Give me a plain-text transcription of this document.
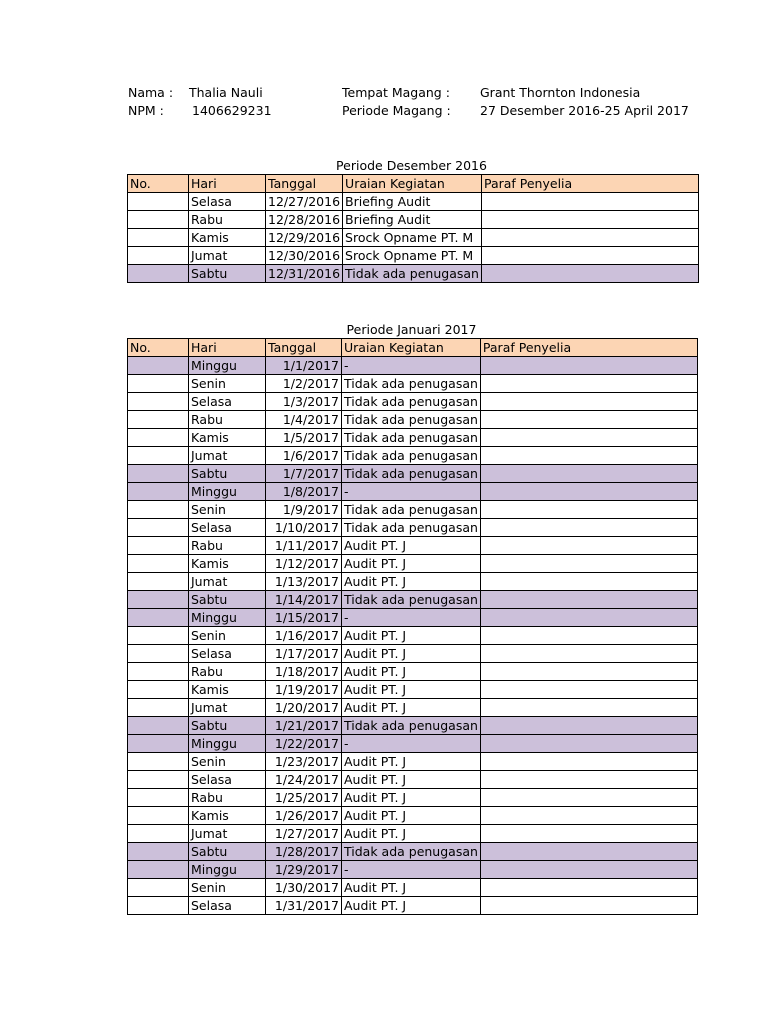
Nama : Thalia Nauli
NPM : 1406629231
Tempat Magang : Grant Thornton Indonesia
Periode Magang : 27 Desember 2016-25 April 2017
Periode Desember 2016
No.	Hari	Tanggal	Uraian Kegiatan	Paraf Penyelia
	Selasa	12/27/2016	Briefing Audit	
	Rabu	12/28/2016	Briefing Audit	
	Kamis	12/29/2016	Srock Opname PT. M	
	Jumat	12/30/2016	Srock Opname PT. M	
	Sabtu	12/31/2016	Tidak ada penugasan	
Periode Januari 2017
No.	Hari	Tanggal	Uraian Kegiatan	Paraf Penyelia
	Minggu	1/1/2017	-	
	Senin	1/2/2017	Tidak ada penugasan	
	Selasa	1/3/2017	Tidak ada penugasan	
	Rabu	1/4/2017	Tidak ada penugasan	
	Kamis	1/5/2017	Tidak ada penugasan	
	Jumat	1/6/2017	Tidak ada penugasan	
	Sabtu	1/7/2017	Tidak ada penugasan	
	Minggu	1/8/2017	-	
	Senin	1/9/2017	Tidak ada penugasan	
	Selasa	1/10/2017	Tidak ada penugasan	
	Rabu	1/11/2017	Audit PT. J	
	Kamis	1/12/2017	Audit PT. J	
	Jumat	1/13/2017	Audit PT. J	
	Sabtu	1/14/2017	Tidak ada penugasan	
	Minggu	1/15/2017	-	
	Senin	1/16/2017	Audit PT. J	
	Selasa	1/17/2017	Audit PT. J	
	Rabu	1/18/2017	Audit PT. J	
	Kamis	1/19/2017	Audit PT. J	
	Jumat	1/20/2017	Audit PT. J	
	Sabtu	1/21/2017	Tidak ada penugasan	
	Minggu	1/22/2017	-	
	Senin	1/23/2017	Audit PT. J	
	Selasa	1/24/2017	Audit PT. J	
	Rabu	1/25/2017	Audit PT. J	
	Kamis	1/26/2017	Audit PT. J	
	Jumat	1/27/2017	Audit PT. J	
	Sabtu	1/28/2017	Tidak ada penugasan	
	Minggu	1/29/2017	-	
	Senin	1/30/2017	Audit PT. J	
	Selasa	1/31/2017	Audit PT. J	
